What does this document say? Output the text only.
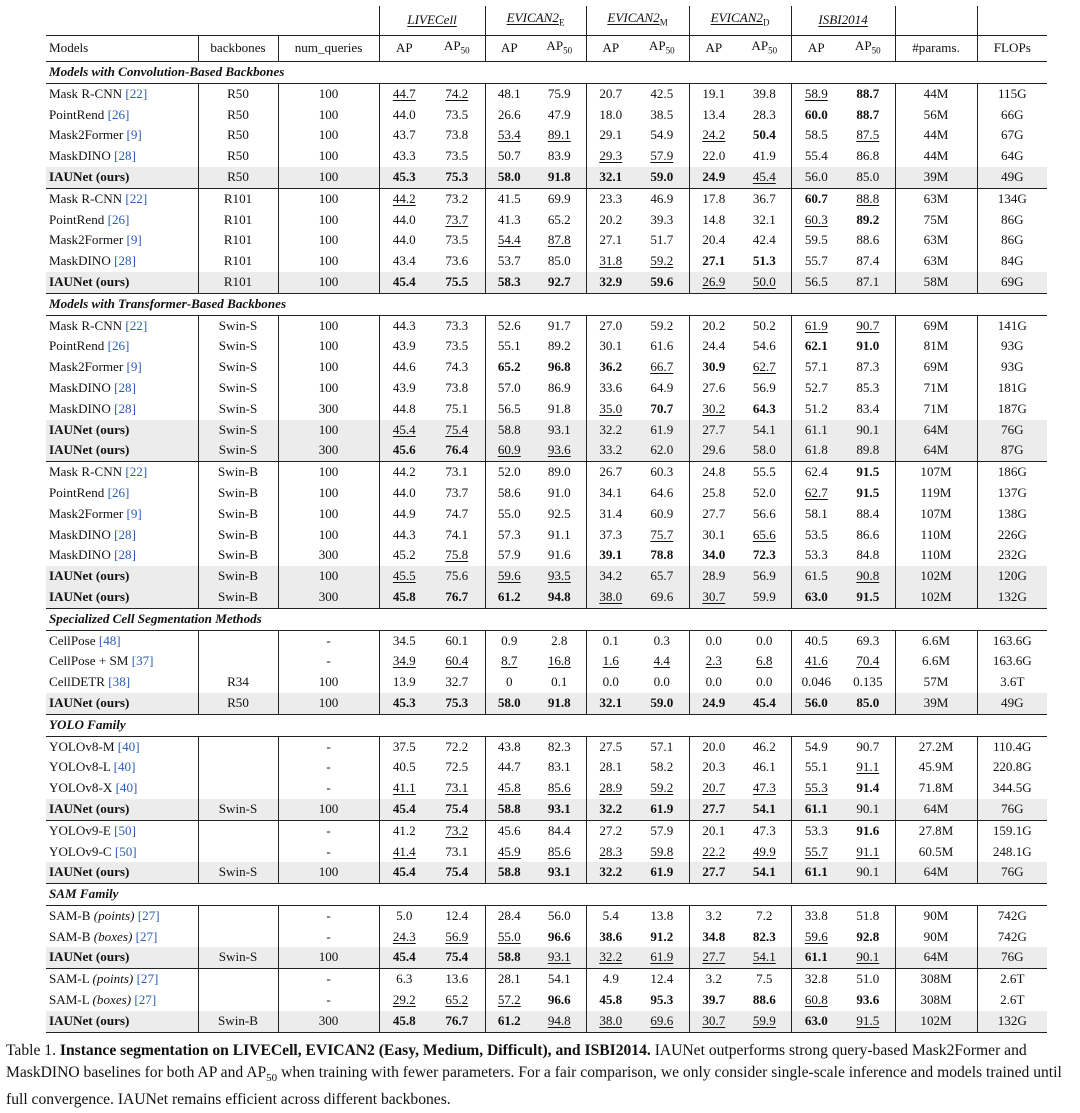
			LIVECell		$EVICAN2_E$		$EVICAN2_M$		$EVICAN2_D$		ISBI2014			
Models	backbones	num_queries	AP	$AP_{50}$	AP	$AP_{50}$	AP	$AP_{50}$	AP	$AP_{50}$	AP	$AP_{50}$	#params.	FLOPs
Models with Convolution-Based Backbones														
Mask R-CNN [22]	R50	100	44.7	74.2	48.1	75.9	20.7	42.5	19.1	39.8	58.9	88.7	44M	115G
PointRend [26]	R50	100	44.0	73.5	26.6	47.9	18.0	38.5	13.4	28.3	60.0	88.7	56M	66G
Mask2Former [9]	R50	100	43.7	73.8	53.4	89.1	29.1	54.9	24.2	50.4	58.5	87.5	44M	67G
MaskDINO [28]	R50	100	43.3	73.5	50.7	83.9	29.3	57.9	22.0	41.9	55.4	86.8	44M	64G
IAUNet (ours)	R50	100	45.3	75.3	58.0	91.8	32.1	59.0	24.9	45.4	56.0	85.0	39M	49G
Mask R-CNN [22]	R101	100	44.2	73.2	41.5	69.9	23.3	46.9	17.8	36.7	60.7	88.8	63M	134G
PointRend [26]	R101	100	44.0	73.7	41.3	65.2	20.2	39.3	14.8	32.1	60.3	89.2	75M	86G
Mask2Former [9]	R101	100	44.0	73.5	54.4	87.8	27.1	51.7	20.4	42.4	59.5	88.6	63M	86G
MaskDINO [28]	R101	100	43.4	73.6	53.7	85.0	31.8	59.2	27.1	51.3	55.7	87.4	63M	84G
IAUNet (ours)	R101	100	45.4	75.5	58.3	92.7	32.9	59.6	26.9	50.0	56.5	87.1	58M	69G
Models with Transformer-Based Backbones														
Mask R-CNN [22]	Swin-S	100	44.3	73.3	52.6	91.7	27.0	59.2	20.2	50.2	61.9	90.7	69M	141G
PointRend [26]	Swin-S	100	43.9	73.5	55.1	89.2	30.1	61.6	24.4	54.6	62.1	91.0	81M	93G
Mask2Former [9]	Swin-S	100	44.6	74.3	65.2	96.8	36.2	66.7	30.9	62.7	57.1	87.3	69M	93G
MaskDINO [28]	Swin-S	100	43.9	73.8	57.0	86.9	33.6	64.9	27.6	56.9	52.7	85.3	71M	181G
MaskDINO [28]	Swin-S	300	44.8	75.1	56.5	91.8	35.0	70.7	30.2	64.3	51.2	83.4	71M	187G
IAUNet (ours)	Swin-S	100	45.4	75.4	58.8	93.1	32.2	61.9	27.7	54.1	61.1	90.1	64M	76G
IAUNet (ours)	Swin-S	300	45.6	76.4	60.9	93.6	33.2	62.0	29.6	58.0	61.8	89.8	64M	87G
Mask R-CNN [22]	Swin-B	100	44.2	73.1	52.0	89.0	26.7	60.3	24.8	55.5	62.4	91.5	107M	186G
PointRend [26]	Swin-B	100	44.0	73.7	58.6	91.0	34.1	64.6	25.8	52.0	62.7	91.5	119M	137G
Mask2Former [9]	Swin-B	100	44.9	74.7	55.0	92.5	31.4	60.9	27.7	56.6	58.1	88.4	107M	138G
MaskDINO [28]	Swin-B	100	44.3	74.1	57.3	91.1	37.3	75.7	30.1	65.6	53.5	86.6	110M	226G
MaskDINO [28]	Swin-B	300	45.2	75.8	57.9	91.6	39.1	78.8	34.0	72.3	53.3	84.8	110M	232G
IAUNet (ours)	Swin-B	100	45.5	75.6	59.6	93.5	34.2	65.7	28.9	56.9	61.5	90.8	102M	120G
IAUNet (ours)	Swin-B	300	45.8	76.7	61.2	94.8	38.0	69.6	30.7	59.9	63.0	91.5	102M	132G
Specialized Cell Segmentation Methods														
CellPose [48]		-	34.5	60.1	0.9	2.8	0.1	0.3	0.0	0.0	40.5	69.3	6.6M	163.6G
CellPose + SM [37]		-	34.9	60.4	8.7	16.8	1.6	4.4	2.3	6.8	41.6	70.4	6.6M	163.6G
CellDETR [38]	R34	100	13.9	32.7	0	0.1	0.0	0.0	0.0	0.0	0.046	0.135	57M	3.6T
IAUNet (ours)	R50	100	45.3	75.3	58.0	91.8	32.1	59.0	24.9	45.4	56.0	85.0	39M	49G
YOLO Family														
YOLOv8-M [40]		-	37.5	72.2	43.8	82.3	27.5	57.1	20.0	46.2	54.9	90.7	27.2M	110.4G
YOLOv8-L [40]		-	40.5	72.5	44.7	83.1	28.1	58.2	20.3	46.1	55.1	91.1	45.9M	220.8G
YOLOv8-X [40]		-	41.1	73.1	45.8	85.6	28.9	59.2	20.7	47.3	55.3	91.4	71.8M	344.5G
IAUNet (ours)	Swin-S	100	45.4	75.4	58.8	93.1	32.2	61.9	27.7	54.1	61.1	90.1	64M	76G
YOLOv9-E [50]		-	41.2	73.2	45.6	84.4	27.2	57.9	20.1	47.3	53.3	91.6	27.8M	159.1G
YOLOv9-C [50]		-	41.4	73.1	45.9	85.6	28.3	59.8	22.2	49.9	55.7	91.1	60.5M	248.1G
IAUNet (ours)	Swin-S	100	45.4	75.4	58.8	93.1	32.2	61.9	27.7	54.1	61.1	90.1	64M	76G
SAM Family														
SAM-B (points) [27]		-	5.0	12.4	28.4	56.0	5.4	13.8	3.2	7.2	33.8	51.8	90M	742G
SAM-B (boxes) [27]		-	24.3	56.9	55.0	96.6	38.6	91.2	34.8	82.3	59.6	92.8	90M	742G
IAUNet (ours)	Swin-S	100	45.4	75.4	58.8	93.1	32.2	61.9	27.7	54.1	61.1	90.1	64M	76G
SAM-L (points) [27]		-	6.3	13.6	28.1	54.1	4.9	12.4	3.2	7.5	32.8	51.0	308M	2.6T
SAM-L (boxes) [27]		-	29.2	65.2	57.2	96.6	45.8	95.3	39.7	88.6	60.8	93.6	308M	2.6T
IAUNet (ours)	Swin-B	300	45.8	76.7	61.2	94.8	38.0	69.6	30.7	59.9	63.0	91.5	102M	132G
Table 1. Instance segmentation on LIVECell, EVICAN2 (Easy, Medium, Difficult), and ISBI2014. IAUNet outperforms strong query-based Mask2Former and MaskDINO baselines for both AP and $AP_{50}$ when training with fewer parameters. For a fair comparison, we only consider single-scale inference and models trained until full convergence. IAUNet remains efficient across different backbones.
